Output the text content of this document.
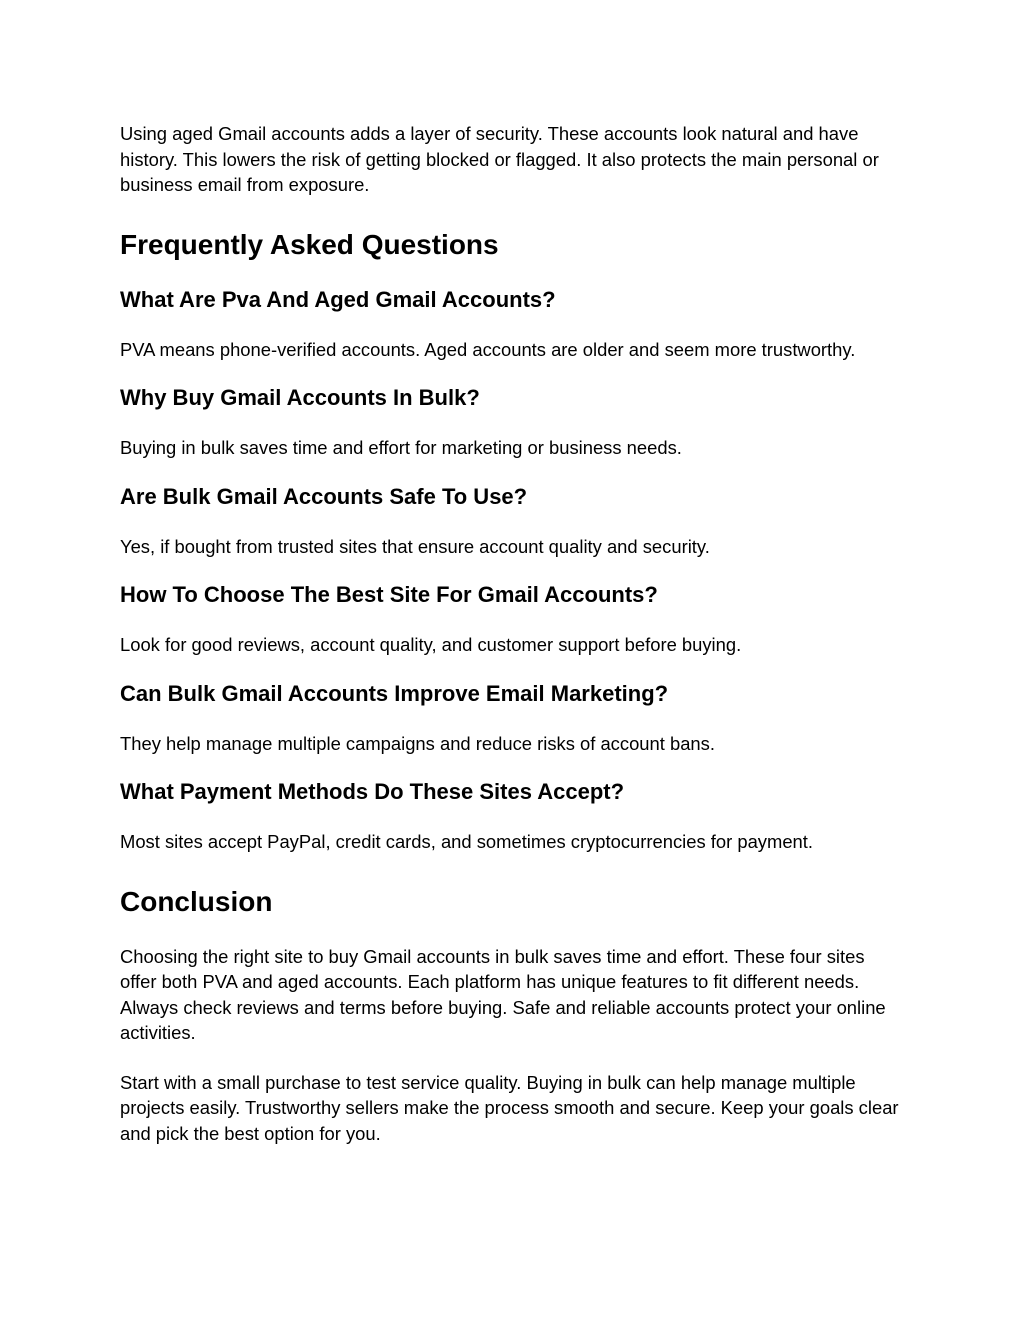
Using aged Gmail accounts adds a layer of security. These accounts look natural and have
history. This lowers the risk of getting blocked or flagged. It also protects the main personal or
business email from exposure.
Frequently Asked Questions
What Are Pva And Aged Gmail Accounts?
PVA means phone-verified accounts. Aged accounts are older and seem more trustworthy.
Why Buy Gmail Accounts In Bulk?
Buying in bulk saves time and effort for marketing or business needs.
Are Bulk Gmail Accounts Safe To Use?
Yes, if bought from trusted sites that ensure account quality and security.
How To Choose The Best Site For Gmail Accounts?
Look for good reviews, account quality, and customer support before buying.
Can Bulk Gmail Accounts Improve Email Marketing?
They help manage multiple campaigns and reduce risks of account bans.
What Payment Methods Do These Sites Accept?
Most sites accept PayPal, credit cards, and sometimes cryptocurrencies for payment.
Conclusion
Choosing the right site to buy Gmail accounts in bulk saves time and effort. These four sites
offer both PVA and aged accounts. Each platform has unique features to fit different needs.
Always check reviews and terms before buying. Safe and reliable accounts protect your online
activities.
Start with a small purchase to test service quality. Buying in bulk can help manage multiple
projects easily. Trustworthy sellers make the process smooth and secure. Keep your goals clear
and pick the best option for you.
